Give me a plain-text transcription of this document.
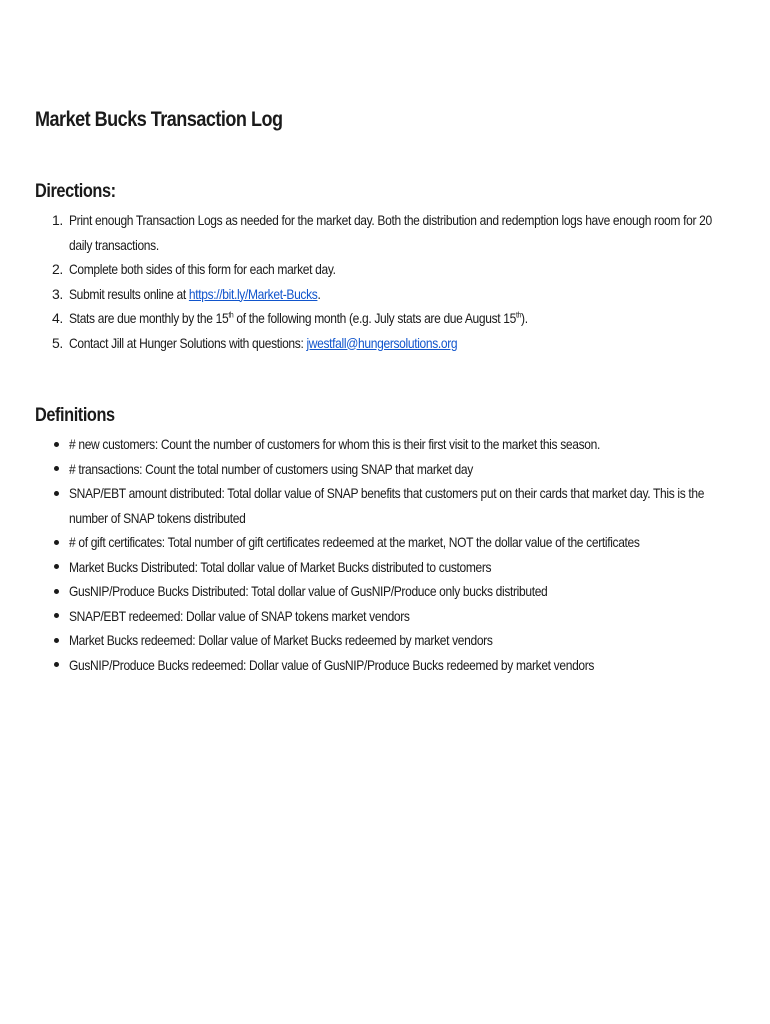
Market Bucks Transaction Log
Directions:
1. Print enough Transaction Logs as needed for the market day. Both the distribution and redemption logs have enough room for 20 daily transactions.
2. Complete both sides of this form for each market day.
3. Submit results online at https://bit.ly/Market-Bucks.
4. Stats are due monthly by the 15th of the following month (e.g. July stats are due August 15th).
5. Contact Jill at Hunger Solutions with questions: jwestfall@hungersolutions.org
Definitions
# new customers: Count the number of customers for whom this is their first visit to the market this season.
# transactions: Count the total number of customers using SNAP that market day
SNAP/EBT amount distributed: Total dollar value of SNAP benefits that customers put on their cards that market day. This is the number of SNAP tokens distributed
# of gift certificates: Total number of gift certificates redeemed at the market, NOT the dollar value of the certificates
Market Bucks Distributed: Total dollar value of Market Bucks distributed to customers
GusNIP/Produce Bucks Distributed: Total dollar value of GusNIP/Produce only bucks distributed
SNAP/EBT redeemed: Dollar value of SNAP tokens market vendors
Market Bucks redeemed: Dollar value of Market Bucks redeemed by market vendors
GusNIP/Produce Bucks redeemed: Dollar value of GusNIP/Produce Bucks redeemed by market vendors
